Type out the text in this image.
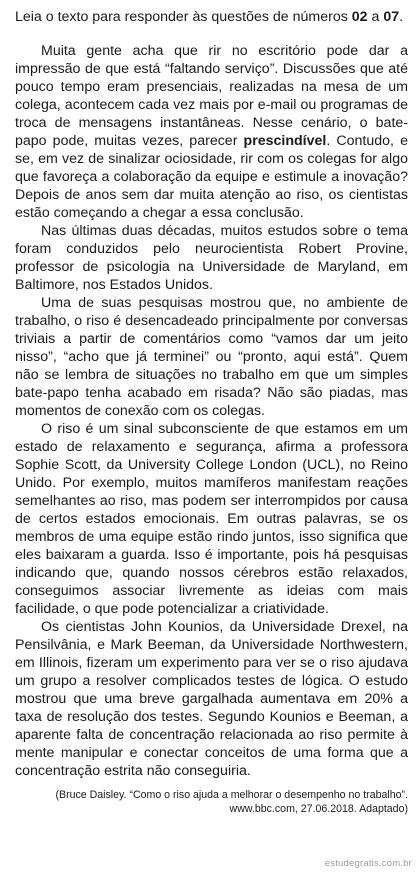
Leia o texto para responder às questões de números 02 a 07.

Muita gente acha que rir no escritório pode dar a impressão de que está “faltando serviço”. Discussões que até pouco tempo eram presenciais, realizadas na mesa de um colega, acontecem cada vez mais por e-mail ou programas de troca de mensagens instantâneas. Nesse cenário, o bate-papo pode, muitas vezes, parecer prescindível. Contudo, e se, em vez de sinalizar ociosidade, rir com os colegas for algo que favoreça a colaboração da equipe e estimule a inovação? Depois de anos sem dar muita atenção ao riso, os cientistas estão começando a chegar a essa conclusão.

Nas últimas duas décadas, muitos estudos sobre o tema foram conduzidos pelo neurocientista Robert Provine, professor de psicologia na Universidade de Maryland, em Baltimore, nos Estados Unidos.

Uma de suas pesquisas mostrou que, no ambiente de trabalho, o riso é desencadeado principalmente por conversas triviais a partir de comentários como “vamos dar um jeito nisso”, “acho que já terminei” ou “pronto, aqui está”. Quem não se lembra de situações no trabalho em que um simples bate-papo tenha acabado em risada? Não são piadas, mas momentos de conexão com os colegas.

O riso é um sinal subconsciente de que estamos em um estado de relaxamento e segurança, afirma a professora Sophie Scott, da University College London (UCL), no Reino Unido. Por exemplo, muitos mamíferos manifestam reações semelhantes ao riso, mas podem ser interrompidos por causa de certos estados emocionais. Em outras palavras, se os membros de uma equipe estão rindo juntos, isso significa que eles baixaram a guarda. Isso é importante, pois há pesquisas indicando que, quando nossos cérebros estão relaxados, conseguimos associar livremente as ideias com mais facilidade, o que pode potencializar a criatividade.

Os cientistas John Kounios, da Universidade Drexel, na Pensilvânia, e Mark Beeman, da Universidade Northwestern, em Illinois, fizeram um experimento para ver se o riso ajudava um grupo a resolver complicados testes de lógica. O estudo mostrou que uma breve gargalhada aumentava em 20% a taxa de resolução dos testes. Segundo Kounios e Beeman, a aparente falta de concentração relacionada ao riso permite à mente manipular e conectar conceitos de uma forma que a concentração estrita não conseguiria.

(Bruce Daisley. “Como o riso ajuda a melhorar o desempenho no trabalho”.
www.bbc.com, 27.06.2018. Adaptado)

estudegratis.com.br
